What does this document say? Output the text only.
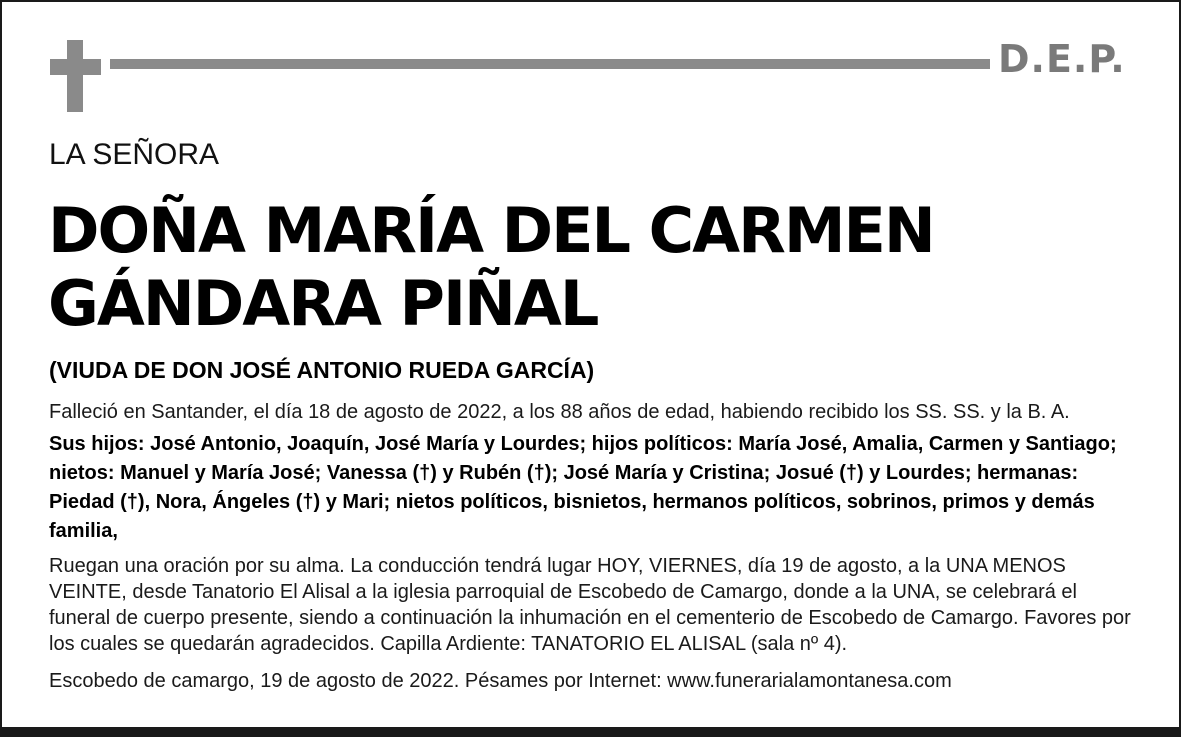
D.E.P.
LA SEÑORA
DOÑA MARÍA DEL CARMEN
GÁNDARA PIÑAL
(VIUDA DE DON JOSÉ ANTONIO RUEDA GARCÍA)
Falleció en Santander, el día 18 de agosto de 2022, a los 88 años de edad, habiendo recibido los SS. SS. y la B. A.
Sus hijos: José Antonio, Joaquín, José María y Lourdes; hijos políticos: María José, Amalia, Carmen y Santiago; nietos: Manuel y María José; Vanessa (†) y Rubén (†); José María y Cristina; Josué (†) y Lourdes; hermanas: Piedad (†), Nora, Ángeles (†) y Mari; nietos políticos, bisnietos, hermanos políticos, sobrinos, primos y demás familia,
Ruegan una oración por su alma. La conducción tendrá lugar HOY, VIERNES, día 19 de agosto, a la UNA MENOS VEINTE, desde Tanatorio El Alisal a la iglesia parroquial de Escobedo de Camargo, donde a la UNA, se celebrará el funeral de cuerpo presente, siendo a continuación la inhumación en el cementerio de Escobedo de Camargo. Favores por los cuales se quedarán agradecidos. Capilla Ardiente: TANATORIO EL ALISAL (sala nº 4).
Escobedo de camargo, 19 de agosto de 2022. Pésames por Internet: www.funerarialamontanesa.com
